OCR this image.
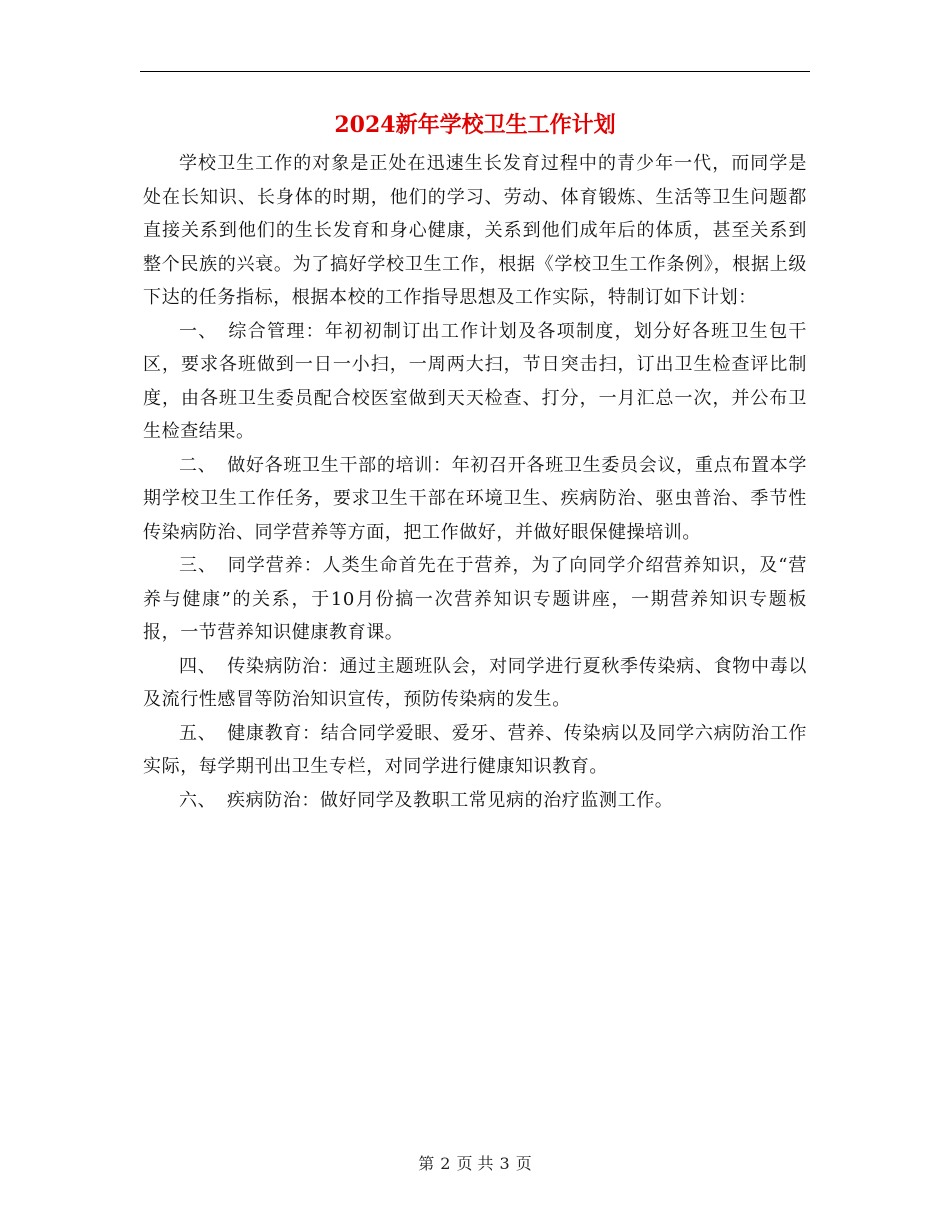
2024新年学校卫生工作计划

学校卫生工作的对象是正处在迅速生长发育过程中的青少年一代，而同学是处在长知识、长身体的时期，他们的学习、劳动、体育锻炼、生活等卫生问题都直接关系到他们的生长发育和身心健康，关系到他们成年后的体质，甚至关系到整个民族的兴衰。为了搞好学校卫生工作，根据《学校卫生工作条例》，根据上级下达的任务指标，根据本校的工作指导思想及工作实际，特制订如下计划：

一、 综合管理：年初初制订出工作计划及各项制度，划分好各班卫生包干区，要求各班做到一日一小扫，一周两大扫，节日突击扫，订出卫生检查评比制度，由各班卫生委员配合校医室做到天天检查、打分，一月汇总一次，并公布卫生检查结果。

二、 做好各班卫生干部的培训：年初召开各班卫生委员会议，重点布置本学期学校卫生工作任务，要求卫生干部在环境卫生、疾病防治、驱虫普治、季节性传染病防治、同学营养等方面，把工作做好，并做好眼保健操培训。

三、 同学营养：人类生命首先在于营养，为了向同学介绍营养知识，及“营养与健康”的关系，于10月份搞一次营养知识专题讲座，一期营养知识专题板报，一节营养知识健康教育课。

四、 传染病防治：通过主题班队会，对同学进行夏秋季传染病、食物中毒以及流行性感冒等防治知识宣传，预防传染病的发生。

五、 健康教育：结合同学爱眼、爱牙、营养、传染病以及同学六病防治工作实际，每学期刊出卫生专栏，对同学进行健康知识教育。

六、 疾病防治：做好同学及教职工常见病的治疗监测工作。

第 2 页 共 3 页
